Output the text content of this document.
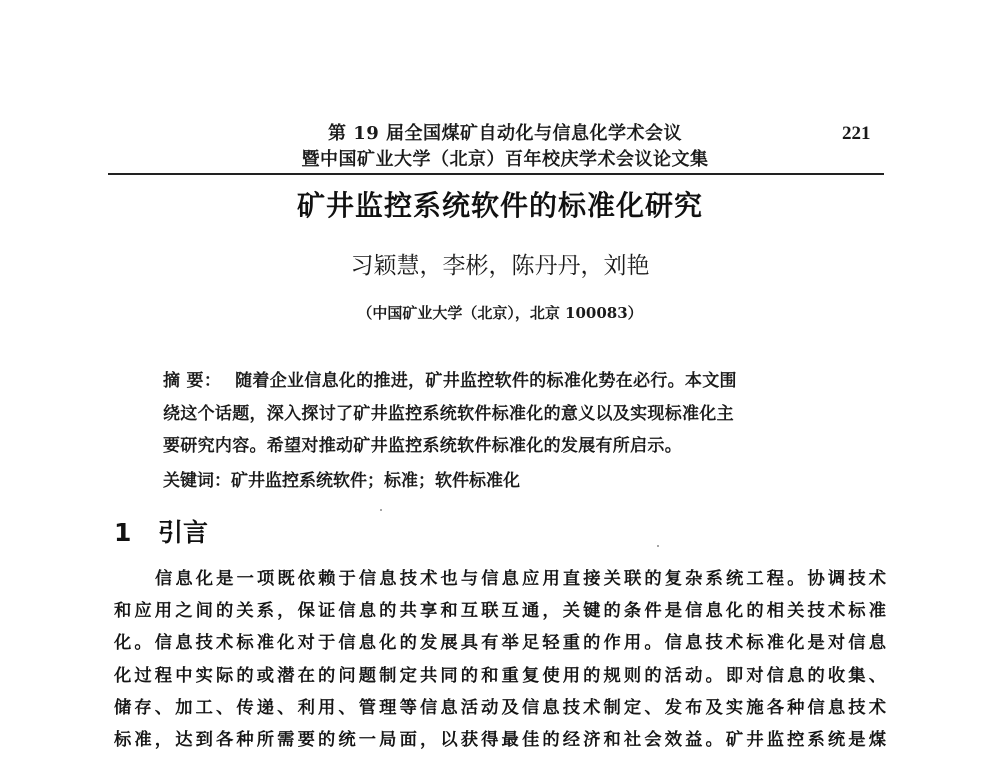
第 19 届全国煤矿自动化与信息化学术会议
暨中国矿业大学（北京）百年校庆学术会议论文集
221
矿井监控系统软件的标准化研究
习颖慧，李彬，陈丹丹，刘艳
（中国矿业大学（北京），北京 100083）
摘 要： 随着企业信息化的推进，矿井监控软件的标准化势在必行。本文围
绕这个话题，深入探讨了矿井监控系统软件标准化的意义以及实现标准化主
要研究内容。希望对推动矿井监控系统软件标准化的发展有所启示。
关键词：矿井监控系统软件；标准；软件标准化
1 引言
信息化是一项既依赖于信息技术也与信息应用直接关联的复杂系统工程。协调技术
和应用之间的关系，保证信息的共享和互联互通，关键的条件是信息化的相关技术标准
化。信息技术标准化对于信息化的发展具有举足轻重的作用。信息技术标准化是对信息
化过程中实际的或潜在的问题制定共同的和重复使用的规则的活动。即对信息的收集、
储存、加工、传递、利用、管理等信息活动及信息技术制定、发布及实施各种信息技术
标准，达到各种所需要的统一局面，以获得最佳的经济和社会效益。矿井监控系统是煤
